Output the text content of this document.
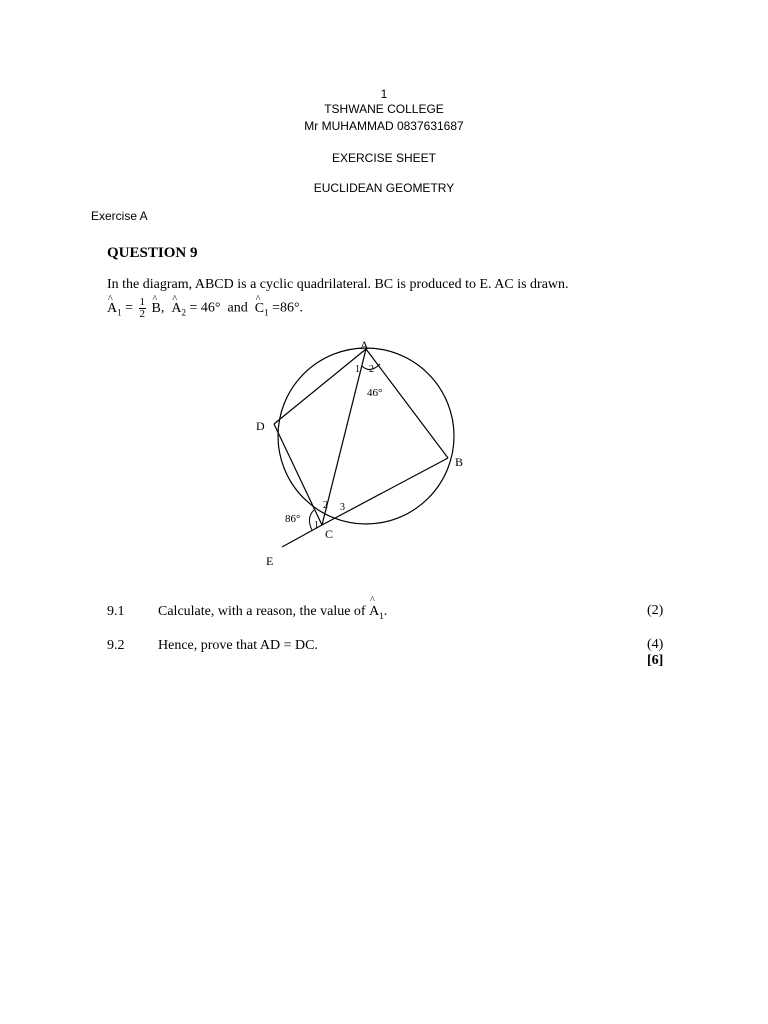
1
TSHWANE COLLEGE
Mr MUHAMMAD 0837631687
EXERCISE SHEET
EUCLIDEAN GEOMETRY
Exercise A
QUESTION 9
In the diagram, ABCD is a cyclic quadrilateral. BC is produced to E. AC is drawn.
^ $A_1 = \frac{1}{2}$ ^ B,  ^ $A_2 = 46^\circ$ and ^ $C_1 =86^\circ$.
A
B
C
D
E
1 2
46°
2 3
1
86°
9.1 Calculate, with a reason, the value of ^ $A_1$.	(2)
9.2 Hence, prove that AD = DC.	(4)
[6]
